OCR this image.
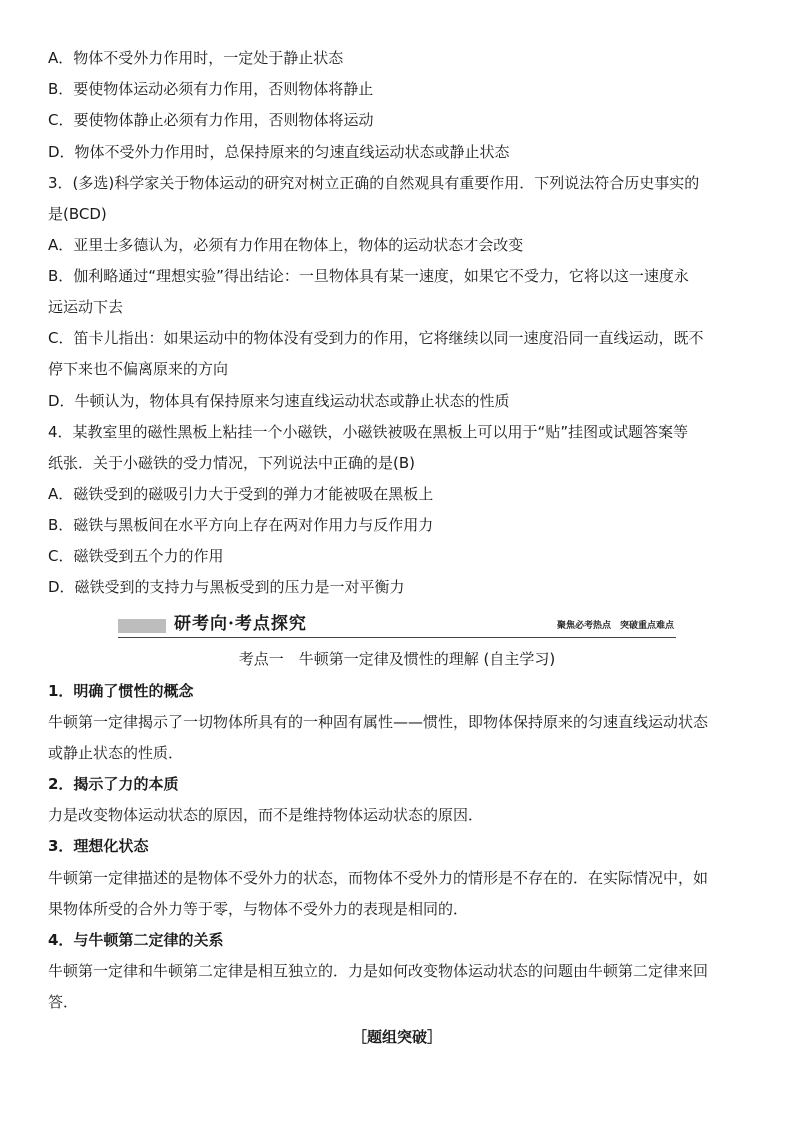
A．物体不受外力作用时，一定处于静止状态
B．要使物体运动必须有力作用，否则物体将静止
C．要使物体静止必须有力作用，否则物体将运动
D．物体不受外力作用时，总保持原来的匀速直线运动状态或静止状态
3．(多选)科学家关于物体运动的研究对树立正确的自然观具有重要作用．下列说法符合历史事实的
是(BCD)
A．亚里士多德认为，必须有力作用在物体上，物体的运动状态才会改变
B．伽利略通过“理想实验”得出结论：一旦物体具有某一速度，如果它不受力，它将以这一速度永
远运动下去
C．笛卡儿指出：如果运动中的物体没有受到力的作用，它将继续以同一速度沿同一直线运动，既不
停下来也不偏离原来的方向
D．牛顿认为，物体具有保持原来匀速直线运动状态或静止状态的性质
4．某教室里的磁性黑板上粘挂一个小磁铁，小磁铁被吸在黑板上可以用于“贴”挂图或试题答案等
纸张．关于小磁铁的受力情况，下列说法中正确的是(B)
A．磁铁受到的磁吸引力大于受到的弹力才能被吸在黑板上
B．磁铁与黑板间在水平方向上存在两对作用力与反作用力
C．磁铁受到五个力的作用
D．磁铁受到的支持力与黑板受到的压力是一对平衡力
研考向·考点探究	聚焦必考热点　突破重点难点
考点一　牛顿第一定律及惯性的理解 (自主学习)
1．明确了惯性的概念
牛顿第一定律揭示了一切物体所具有的一种固有属性——惯性，即物体保持原来的匀速直线运动状态
或静止状态的性质．
2．揭示了力的本质
力是改变物体运动状态的原因，而不是维持物体运动状态的原因．
3．理想化状态
牛顿第一定律描述的是物体不受外力的状态，而物体不受外力的情形是不存在的．在实际情况中，如
果物体所受的合外力等于零，与物体不受外力的表现是相同的．
4．与牛顿第二定律的关系
牛顿第一定律和牛顿第二定律是相互独立的．力是如何改变物体运动状态的问题由牛顿第二定律来回
答．
［题组突破］
